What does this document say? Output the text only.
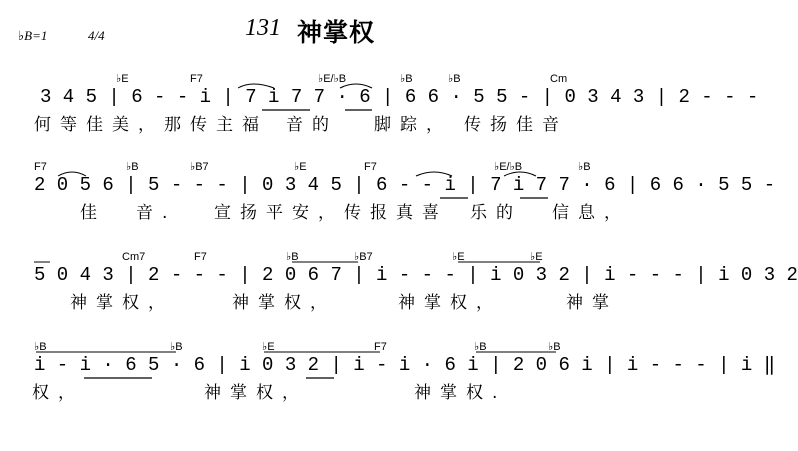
♭B=1	4/4	131 神掌权
♭E	F7	♭E/♭B	♭B	♭B	Cm
3 4 5 | 6 - - i | 7 i 7 7 · 6 | 6 6 · 5 5 - | 0 3 4 3 | 2 - - -
何等佳美，那传主福 音的 脚踪， 传扬佳音
F7	♭B	♭B7	♭E	F7	♭E/♭B	♭B
2 0 5 6 | 5 - - - | 0 3 4 5 | 6 - - i | 7 i 7 7 · 6 | 6 6 · 5 5 -
佳 音. 宣扬平安，传报真喜 乐的 信息，
Cm7	F7	♭B	♭B7	♭E	♭E
5 0 4 3 | 2 - - - | 2 0 6 7 | i - - - | i 0 3 2 | i - - - | i 0 3 2
神掌权，	神掌权，	神掌权，	神掌
♭B	♭B	♭E	F7	♭B	♭B
i - i · 6 5 · 6 | i 0 3 2 | i - i · 6 i | 2 0 6 i | i - - - | i ‖
权，	神掌权，	神掌权.
